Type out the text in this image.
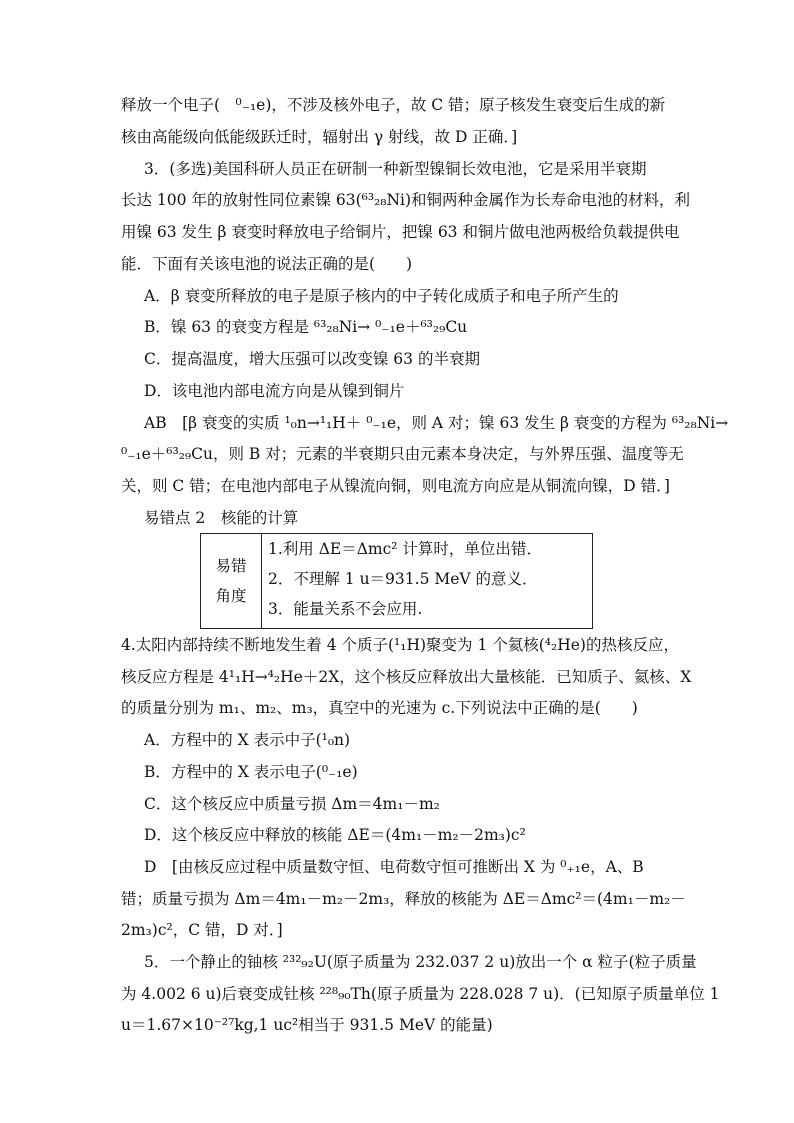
释放一个电子(　⁰₋₁e)，不涉及核外电子，故 C 错；原子核发生衰变后生成的新
核由高能级向低能级跃迁时，辐射出 γ 射线，故 D 正确．]
3．(多选)美国科研人员正在研制一种新型镍铜长效电池，它是采用半衰期
长达 100 年的放射性同位素镍 63(⁶³₂₈Ni)和铜两种金属作为长寿命电池的材料，利
用镍 63 发生 β 衰变时释放电子给铜片，把镍 63 和铜片做电池两极给负载提供电
能．下面有关该电池的说法正确的是(　　)
A．β 衰变所释放的电子是原子核内的中子转化成质子和电子所产生的
B．镍 63 的衰变方程是 ⁶³₂₈Ni→ ⁰₋₁e＋⁶³₂₉Cu
C．提高温度，增大压强可以改变镍 63 的半衰期
D．该电池内部电流方向是从镍到铜片
AB　[β 衰变的实质 ¹₀n→¹₁H＋ ⁰₋₁e，则 A 对；镍 63 发生 β 衰变的方程为 ⁶³₂₈Ni→
⁰₋₁e＋⁶³₂₉Cu，则 B 对；元素的半衰期只由元素本身决定，与外界压强、温度等无
关，则 C 错；在电池内部电子从镍流向铜，则电流方向应是从铜流向镍，D 错．]
易错点 2　核能的计算
易错
角度
1.利用 ΔE＝Δmc² 计算时，单位出错．
2．不理解 1 u＝931.5 MeV 的意义．
3．能量关系不会应用.
4.太阳内部持续不断地发生着 4 个质子(¹₁H)聚变为 1 个氦核(⁴₂He)的热核反应，
核反应方程是 4¹₁H→⁴₂He＋2X，这个核反应释放出大量核能．已知质子、氦核、X
的质量分别为 m₁、m₂、m₃，真空中的光速为 c.下列说法中正确的是(　　)
A．方程中的 X 表示中子(¹₀n)
B．方程中的 X 表示电子(⁰₋₁e)
C．这个核反应中质量亏损 Δm＝4m₁－m₂
D．这个核反应中释放的核能 ΔE＝(4m₁－m₂－2m₃)c²
D　[由核反应过程中质量数守恒、电荷数守恒可推断出 X 为 ⁰₊₁e，A、B
错；质量亏损为 Δm＝4m₁－m₂－2m₃，释放的核能为 ΔE＝Δmc²＝(4m₁－m₂－
2m₃)c²，C 错，D 对．]
5．一个静止的铀核 ²³²₉₂U(原子质量为 232.037 2 u)放出一个 α 粒子(粒子质量
为 4.002 6 u)后衰变成钍核 ²²⁸₉₀Th(原子质量为 228.028 7 u)．(已知原子质量单位 1
u＝1.67×10⁻²⁷kg,1 uc²相当于 931.5 MeV 的能量)
